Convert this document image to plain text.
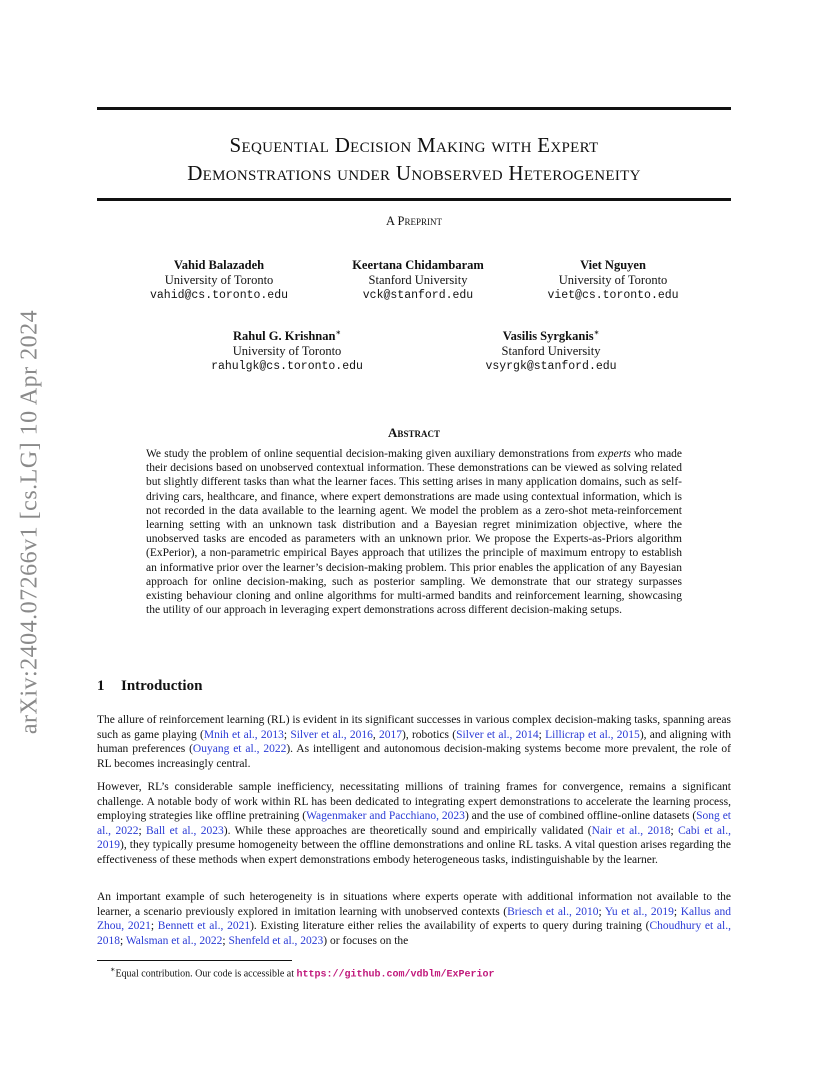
arXiv:2404.07266v1 [cs.LG] 10 Apr 2024
Sequential Decision Making with Expert
Demonstrations under Unobserved Heterogeneity
A Preprint
Vahid Balazadeh
University of Toronto
vahid@cs.toronto.edu
Keertana Chidambaram
Stanford University
vck@stanford.edu
Viet Nguyen
University of Toronto
viet@cs.toronto.edu
Rahul G. Krishnan∗
University of Toronto
rahulgk@cs.toronto.edu
Vasilis Syrgkanis∗
Stanford University
vsyrgk@stanford.edu
Abstract
We study the problem of online sequential decision-making given auxiliary demonstrations from experts who made their decisions based on unobserved contextual information. These demonstrations can be viewed as solving related but slightly different tasks than what the learner faces. This setting arises in many application domains, such as self-driving cars, healthcare, and finance, where expert demonstrations are made using contextual information, which is not recorded in the data available to the learning agent. We model the problem as a zero-shot meta-reinforcement learning setting with an unknown task distribution and a Bayesian regret minimization objective, where the unobserved tasks are encoded as parameters with an unknown prior. We propose the Experts-as-Priors algorithm (ExPerior), a non-parametric empirical Bayes approach that utilizes the principle of maximum entropy to establish an informative prior over the learner’s decision-making problem. This prior enables the application of any Bayesian approach for online decision-making, such as posterior sampling. We demonstrate that our strategy surpasses existing behaviour cloning and online algorithms for multi-armed bandits and reinforcement learning, showcasing the utility of our approach in leveraging expert demonstrations across different decision-making setups.
1 Introduction
The allure of reinforcement learning (RL) is evident in its significant successes in various complex decision-making tasks, spanning areas such as game playing (Mnih et al., 2013; Silver et al., 2016, 2017), robotics (Silver et al., 2014; Lillicrap et al., 2015), and aligning with human preferences (Ouyang et al., 2022). As intelligent and autonomous decision-making systems become more prevalent, the role of RL becomes increasingly central.
However, RL’s considerable sample inefficiency, necessitating millions of training frames for convergence, remains a significant challenge. A notable body of work within RL has been dedicated to integrating expert demonstrations to accelerate the learning process, employing strategies like offline pretraining (Wagenmaker and Pacchiano, 2023) and the use of combined offline-online datasets (Song et al., 2022; Ball et al., 2023). While these approaches are theoretically sound and empirically validated (Nair et al., 2018; Cabi et al., 2019), they typically presume homogeneity between the offline demonstrations and online RL tasks. A vital question arises regarding the effectiveness of these methods when expert demonstrations embody heterogeneous tasks, indistinguishable by the learner.
An important example of such heterogeneity is in situations where experts operate with additional information not available to the learner, a scenario previously explored in imitation learning with unobserved contexts (Briesch et al., 2010; Yu et al., 2019; Kallus and Zhou, 2021; Bennett et al., 2021). Existing literature either relies the availability of experts to query during training (Choudhury et al., 2018; Walsman et al., 2022; Shenfeld et al., 2023) or focuses on the
∗Equal contribution. Our code is accessible at https://github.com/vdblm/ExPerior
